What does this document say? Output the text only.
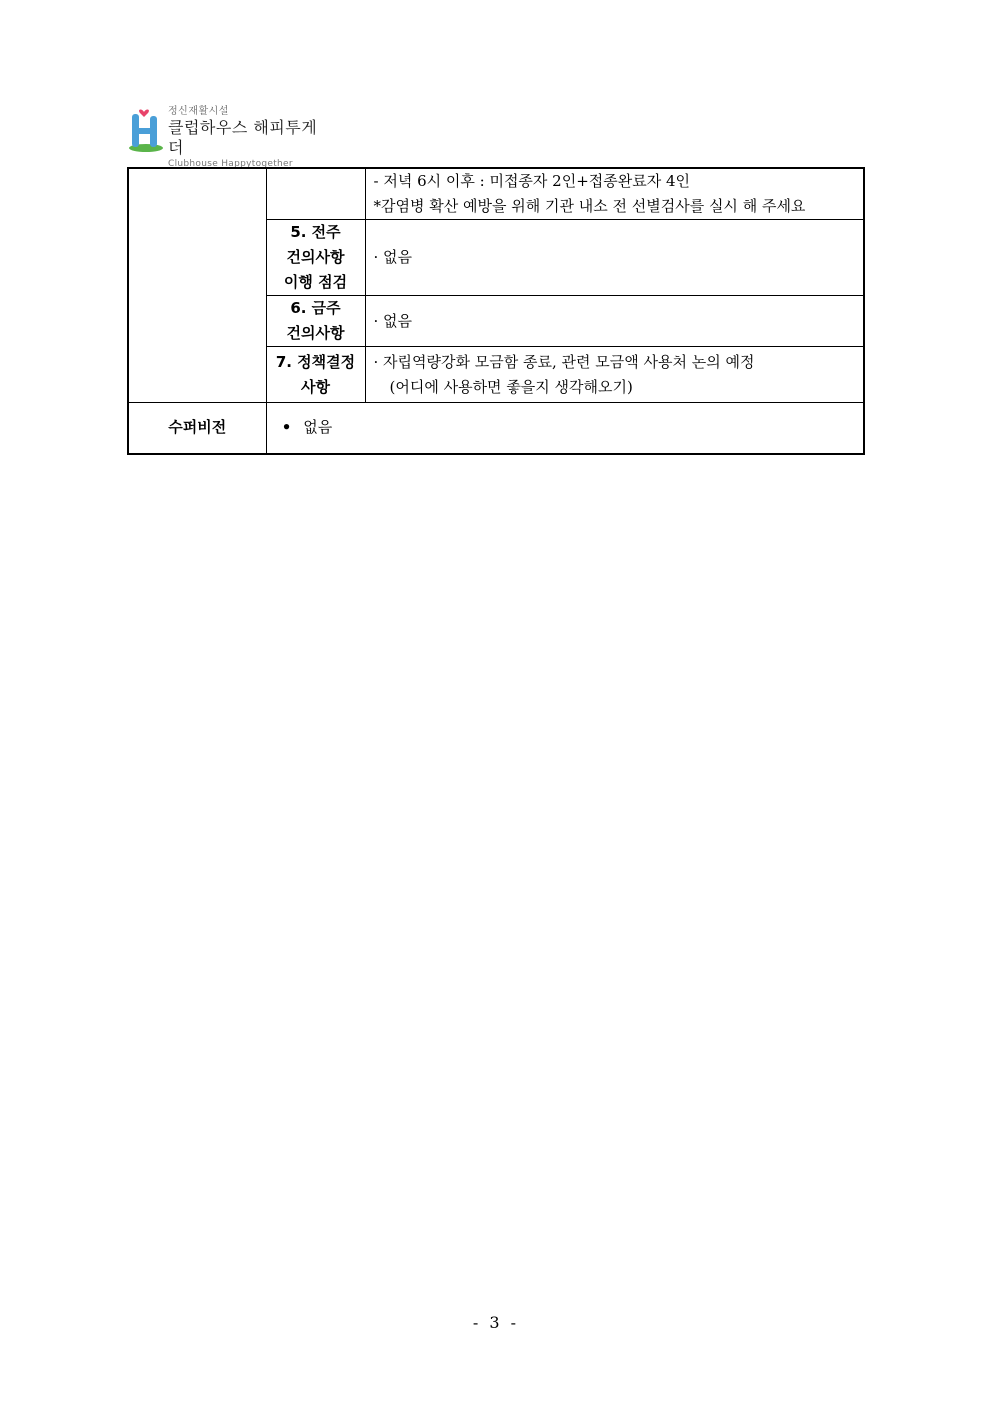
정신재활시설
클럽하우스 해피투게더
Clubhouse Happytogether

		- 저녁 6시 이후 : 미접종자 2인+접종완료자 4인
*감염병 확산 예방을 위해 기관 내소 전 선별검사를 실시 해 주세요

	5. 전주
건의사항
이행 점검	· 없음

	6. 금주
건의사항	· 없음

	7. 정책결정
사항	· 자립역량강화 모금함 종료, 관련 모금액 사용처 논의 예정
(어디에 사용하면 좋을지 생각해오기)

수퍼비전	• 없음	
- 3 -
